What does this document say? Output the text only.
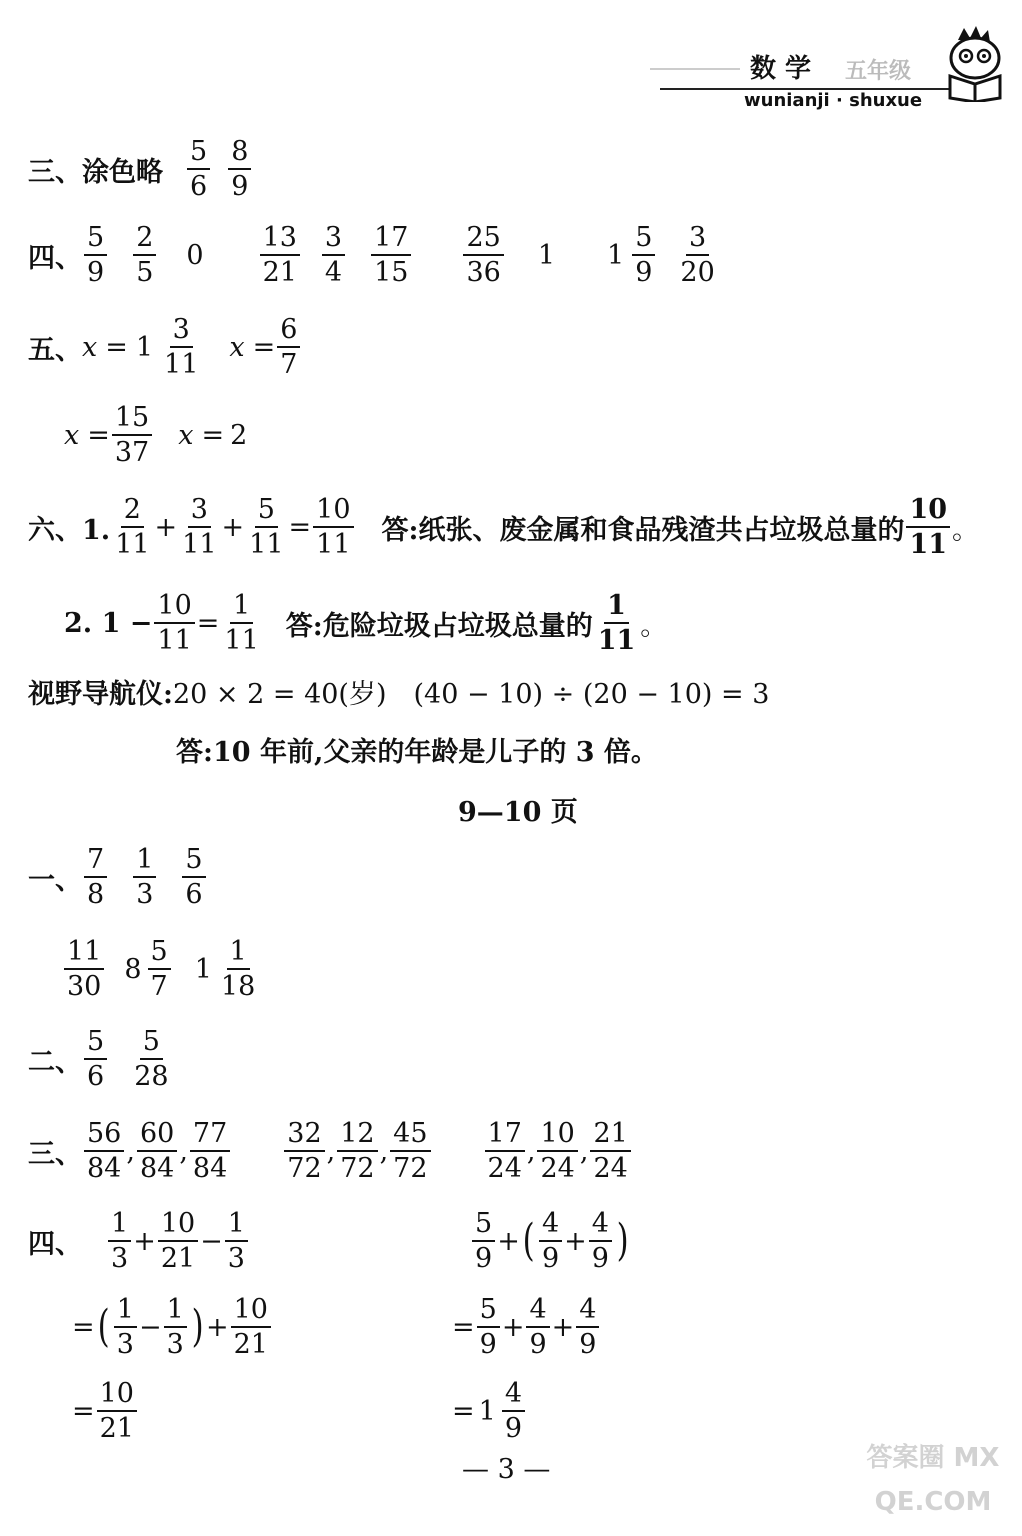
数 学 五年级
wunianji · shuxue
三、涂色略 $\frac{5}{6} \frac{8}{9}$
四、 $\frac{5}{9} \frac{2}{5} 0 \frac{13}{21} \frac{3}{4} \frac{17}{15} \frac{25}{36} 1$ $1 \frac{5}{9} \frac{3}{20}$
五、 $x = 1 \frac{3}{11}$ $x = \frac{6}{7}$
$x = \frac{15}{37}$ x = 2
六、1. $\frac{2}{11} + \frac{3}{11} + \frac{5}{11} = \frac{10}{11}$ 答:纸张、废金属和食品残渣共占垃圾总量的 $\frac{10}{11}$ 。
2. $1 - \frac{10}{11} = \frac{1}{11}$ 答:危险垃圾占垃圾总量的 $\frac{1}{11}$ 。
视野导航仪: 20 × 2 = 40(岁)　(40 − 10) ÷ (20 − 10) = 3
答:10 年前,父亲的年龄是儿子的 3 倍。
9—10 页
一、 $\frac{7}{8} \frac{1}{3} \frac{5}{6}$
$\frac{11}{30} 8 \frac{5}{7} 1 \frac{1}{18}$
二、 $\frac{5}{6} \frac{5}{28}$
三、 $\frac{56}{84}$ , $\frac{60}{84}$ , $\frac{77}{84} \frac{32}{72}$ , $\frac{12}{72}$ , $\frac{45}{72} \frac{17}{24}$ , $\frac{10}{24}$ , $\frac{21}{24}$
四、 $\frac{1}{3} + \frac{10}{21} - \frac{1}{3}$
= ( $\frac{1}{3} - \frac{1}{3}$ ) + $\frac{10}{21}$
= $\frac{10}{21}$
$\frac{5}{9}$ + ( $\frac{4}{9} + \frac{4}{9}$ )
= $\frac{5}{9} + \frac{4}{9} + \frac{4}{9}$
= $1 \frac{4}{9}$
— 3 —	答案圈 MXQE.COM
